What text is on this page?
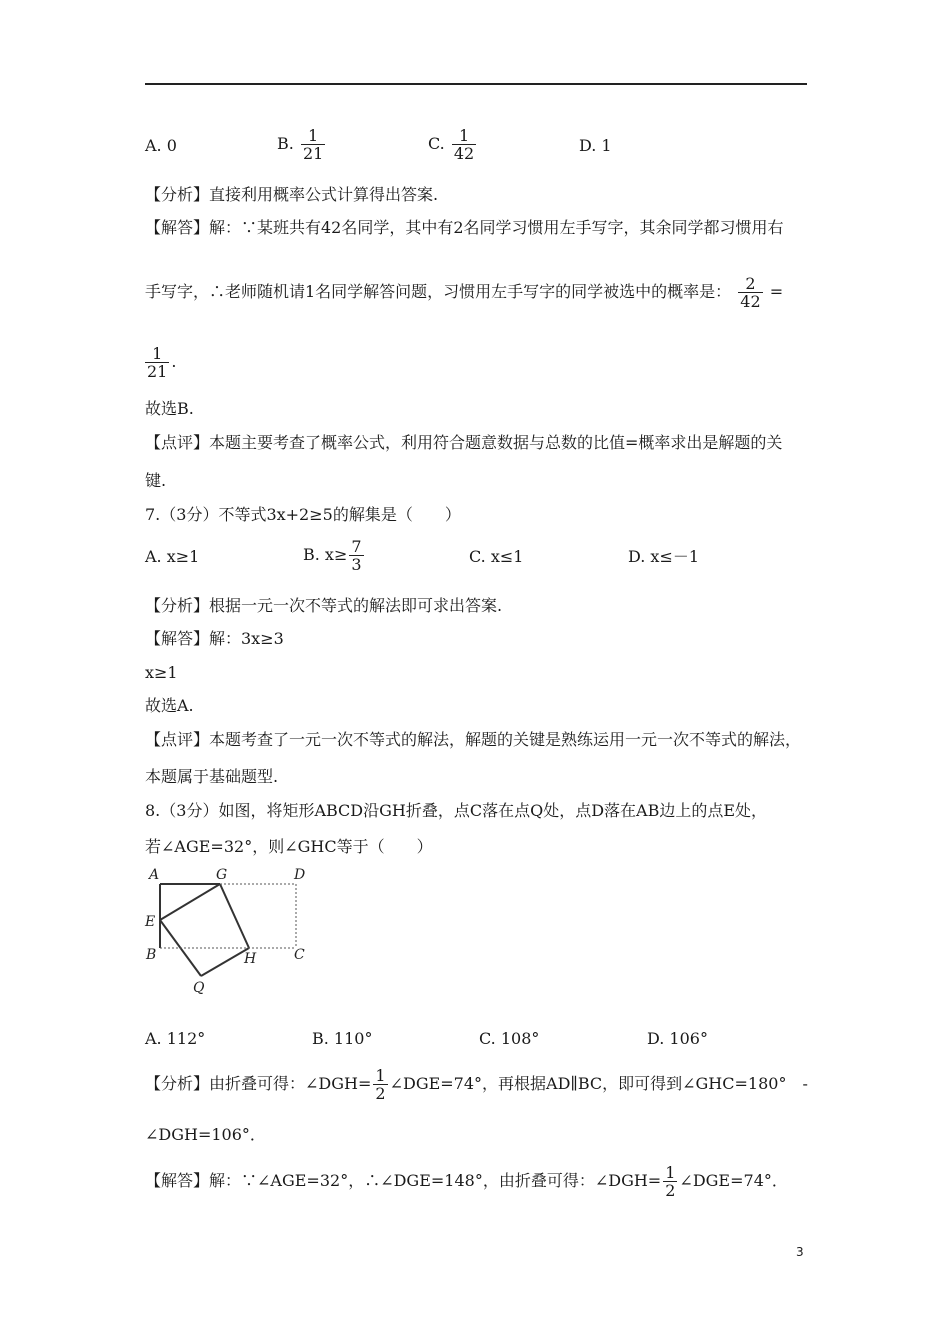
A. 0	B. $\frac{1}{21}$	C. $\frac{1}{42}$	D. 1
【分析】直接利用概率公式计算得出答案.
【解答】解：∵某班共有42名同学，其中有2名同学习惯用左手写字，其余同学都习惯用右
手写字，∴老师随机请1名同学解答问题，习惯用左手写字的同学被选中的概率是： $\frac{2}{42}$ =
$\frac{1}{21}$ .
故选B.
【点评】本题主要考查了概率公式，利用符合题意数据与总数的比值=概率求出是解题的关
键.
7.（3分）不等式3x+2≥5的解集是（　　）
A. x≥1	B. $x\ge \frac{7}{3}$	C. x≤1	D. x≤－1
【分析】根据一元一次不等式的解法即可求出答案.
【解答】解：3x≥3
x≥1
故选A.
【点评】本题考查了一元一次不等式的解法，解题的关键是熟练运用一元一次不等式的解法，
本题属于基础题型.
8.（3分）如图，将矩形ABCD沿GH折叠，点C落在点Q处，点D落在AB边上的点E处，
若∠AGE=32°，则∠GHC等于（　　）
A	G	D
E
B	H	C
Q
A. 112°	B. 110°	C. 108°	D. 106°
【分析】由折叠可得：∠DGH= $\frac{1}{2}$ ∠DGE=74°，再根据AD∥BC，即可得到∠GHC=180°　-
∠DGH=106°．
【解答】解：∵∠AGE=32°，∴∠DGE=148°，由折叠可得：∠DGH= $\frac{1}{2}$ ∠DGE=74°．
3
